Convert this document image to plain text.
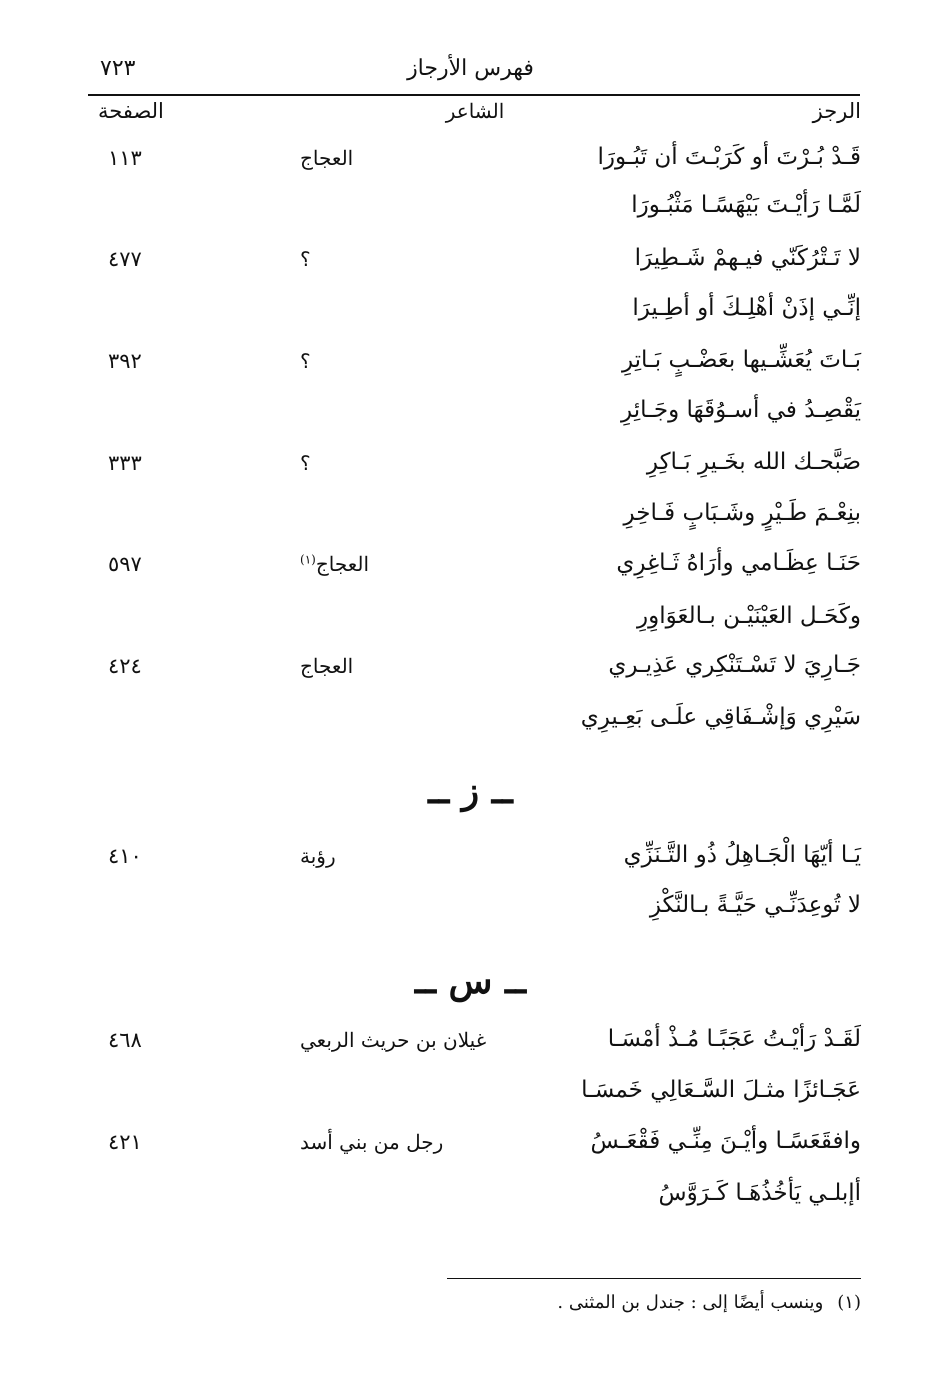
فهرس الأرجاز
٧٢٣
الرجز
الشاعر
الصفحة
قَـدْ بُـرْتَ أو كَرَبْـتَ أن تَبُـورَا
العجاج
١١٣
لَمَّـا رَأيْـتَ بَيْهَسًـا مَثْبُـورَا
لا تَـتْرُكَنّي فيـهمْ شَـطِيرَا
؟
٤٧٧
إنِّـي إذَنْ أهْلِـكَ أو أطِـيرَا
بَـاتَ يُعَشِّـيها بعَضْـبٍ بَـاتِرِ
؟
٣٩٢
يَقْصِـدُ في أسـوُقَهَا وجَـائِرِ
صَبَّحـك الله بخَـيرِ بَـاكِرِ
؟
٣٣٣
بنِعْـمَ طَـيْرٍ وشَـبَابٍ فَـاخِرِ
حَنَـا عِظَـامي وأرَاهُ ثَـاغِرِي
العجاج$^{(١)}$
٥٩٧
وكَحَـل العَيْنَيْـن بـالعَوَاوِرِ
جَـارِيَ لا تَسْـتَنْكِري عَذِيـري
العجاج
٤٢٤
سَيْرِي وَإشْـفَاقِي علَـى بَعِـيرِي
ــ ز ــ
يَـا أيّهَا الْجَـاهِلُ ذُو التَّـنَزِّي
رؤبة
٤١٠
لا تُوعِدَنِّـي حَيَّـةً بـالنَّكْزِ
ــ س ــ
لَقَـدْ رَأيْـتُ عَجَبًـا مُـذْ أمْسَـا
غيلان بن حريث الربعي
٤٦٨
عَجَـائزًا مثـلَ السَّـعَالِي خَمسَـا
وافقَعَسًـا وأيْـنَ مِنِّـي فَقْعَـسُ
رجل من بني أسد
٤٢١
أإبلـي يَأخُذُهَـا كَـرَوَّسُ
(١)وينسب أيضًا إلى : جندل بن المثنى .
